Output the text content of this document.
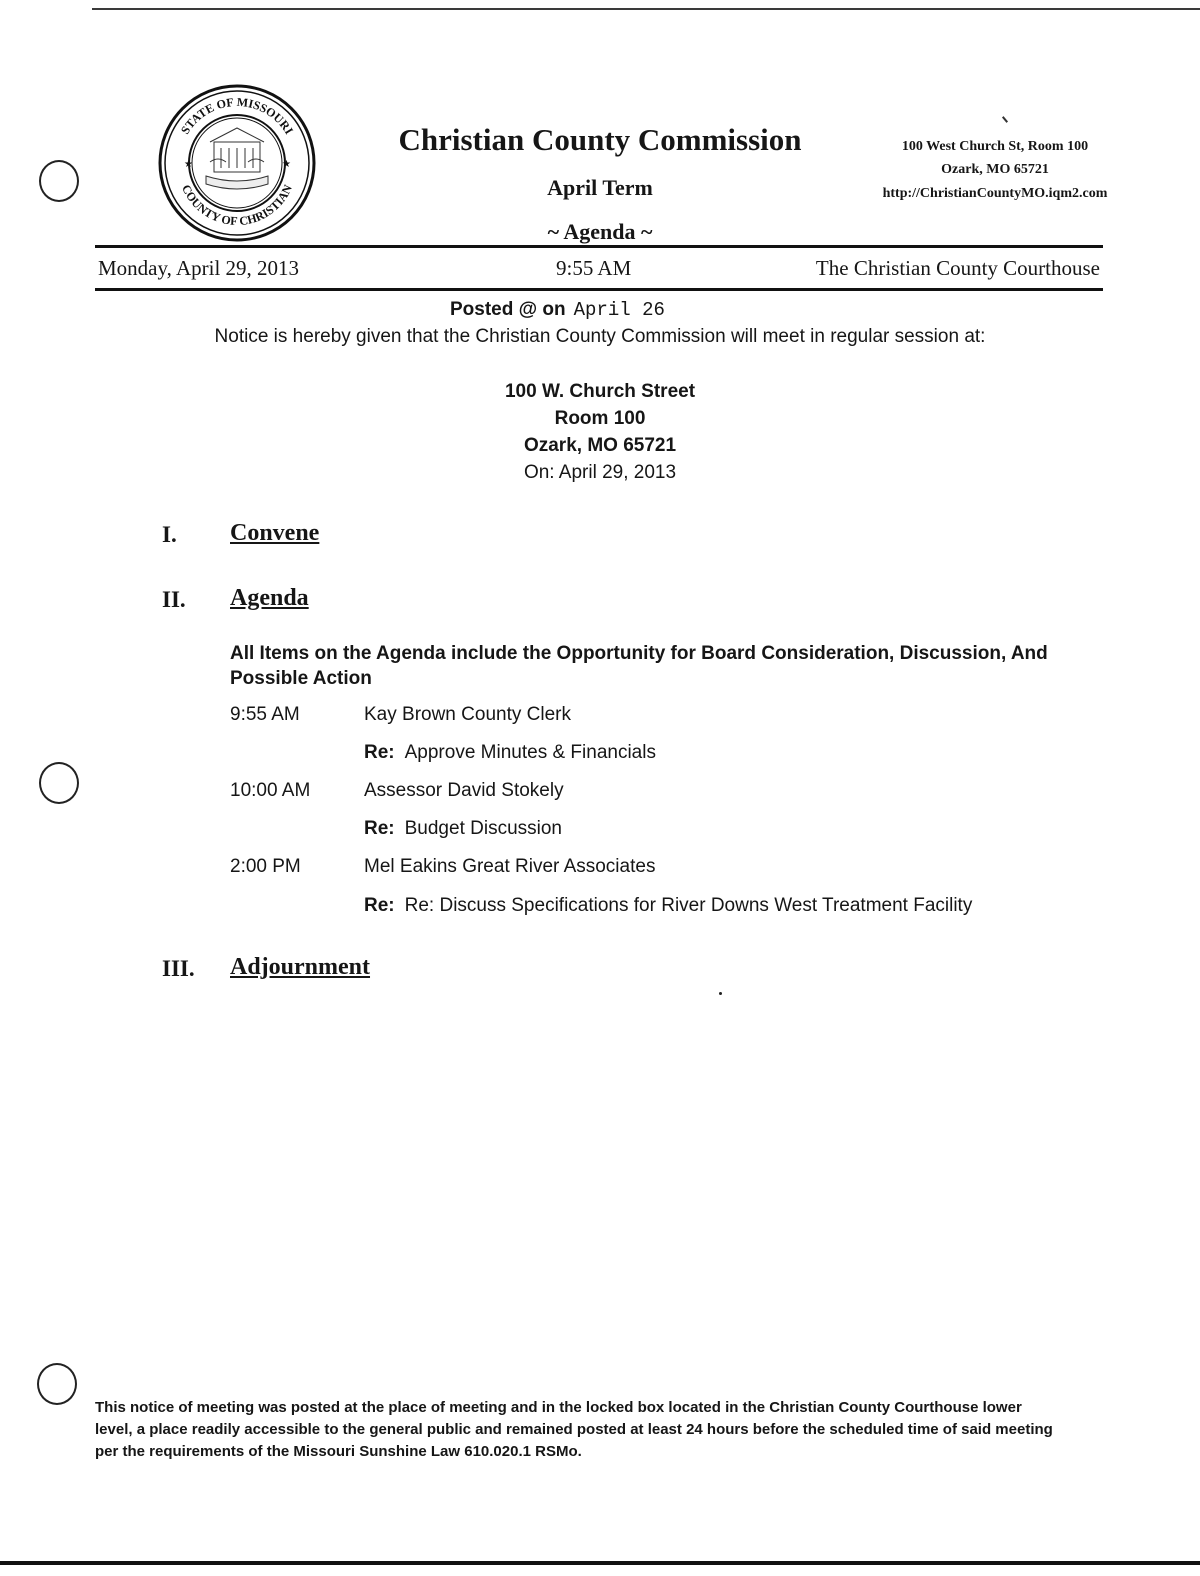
STATE OF MISSOURI
COUNTY OF CHRISTIAN
★	★
Christian County Commission
April Term
~ Agenda ~
100 West Church St, Room 100
Ozark, MO 65721
http://ChristianCountyMO.iqm2.com
Monday, April 29, 2013	9:55 AM	The Christian County Courthouse
Posted @ on April 26
Notice is hereby given that the Christian County Commission will meet in regular session at:
100 W. Church Street
Room 100
Ozark, MO 65721
On: April 29, 2013
I. Convene
II. Agenda
All Items on the Agenda include the Opportunity for Board Consideration, Discussion, And Possible Action
9:55 AM	Kay Brown County Clerk
Re: Approve Minutes & Financials
10:00 AM	Assessor David Stokely
Re: Budget Discussion
2:00 PM	Mel Eakins Great River Associates
Re: Re: Discuss Specifications for River Downs West Treatment Facility
III. Adjournment
This notice of meeting was posted at the place of meeting and in the locked box located in the Christian County Courthouse lower level, a place readily accessible to the general public and remained posted at least 24 hours before the scheduled time of said meeting per the requirements of the Missouri Sunshine Law 610.020.1 RSMo.
